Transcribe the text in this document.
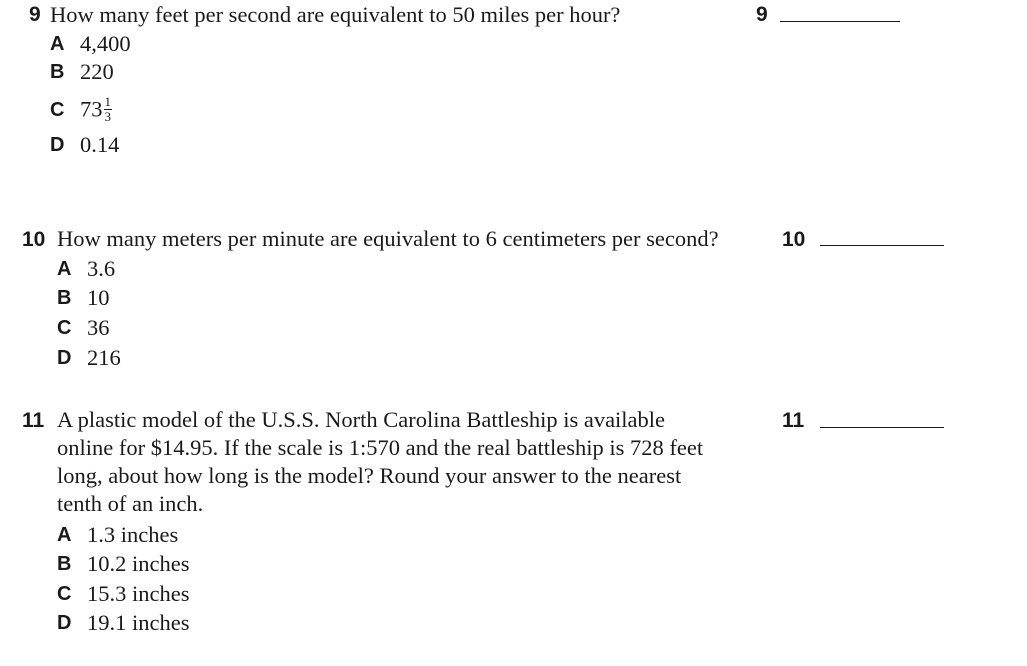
9 How many feet per second are equivalent to 50 miles per hour?
A 4,400
B 220
C $73 \frac{1}{3}$
D 0.14
9
10 How many meters per minute are equivalent to 6 centimeters per second?
A 3.6
B 10
C 36
D 216
10
11 A plastic model of the U.S.S. North Carolina Battleship is available
online for $14.95. If the scale is 1:570 and the real battleship is 728 feet
long, about how long is the model? Round your answer to the nearest
tenth of an inch.
A 1.3 inches
B 10.2 inches
C 15.3 inches
D 19.1 inches
11
